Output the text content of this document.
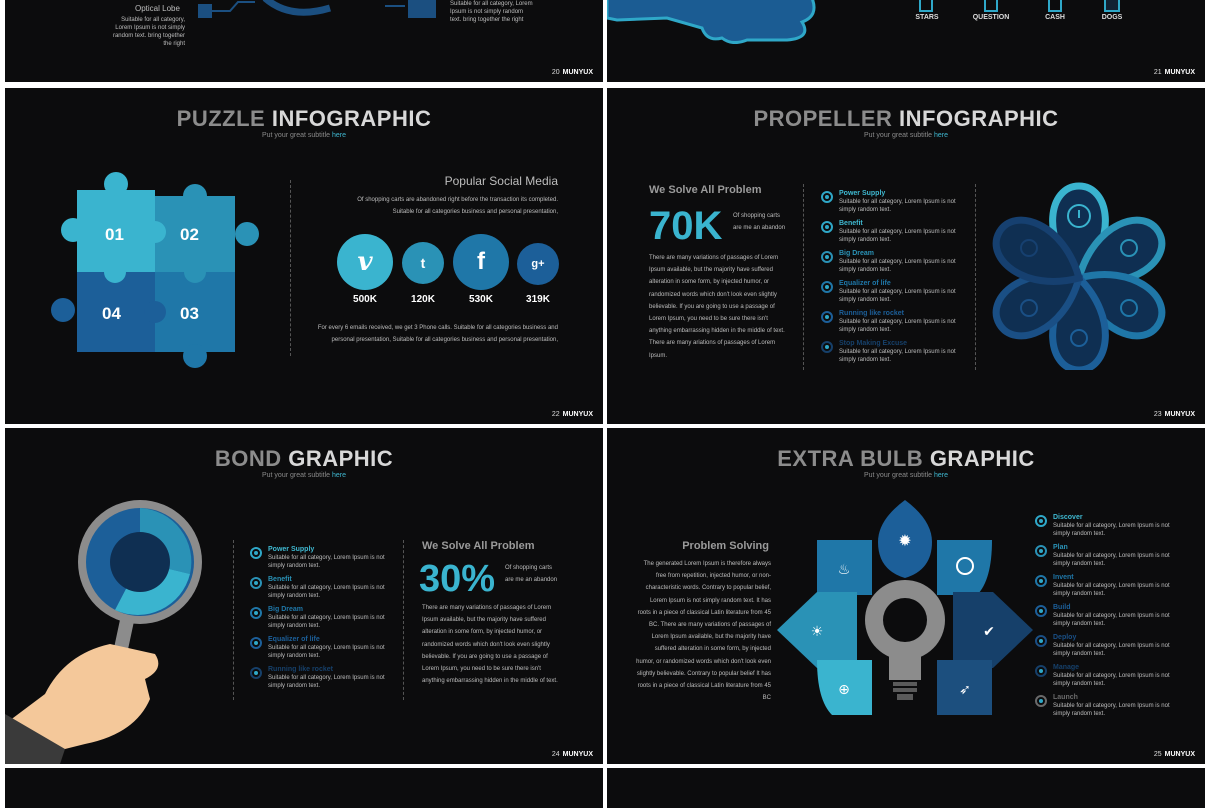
Optical Lobe
Suitable for all category, Lorem Ipsum is not simply random text. bring together the right
Suitable for all category, Lorem Ipsum is not simply random text. bring together the right
20 MUNYUX
STARS	QUESTION	CASH	DOGS
21 MUNYUX
PUZZLE INFOGRAPHIC
Put your great subtitle here
01	02
04	03
Popular Social Media
Of shopping carts are abandoned right before the transaction its completed. Suitable for all categories business and personal presentation,
v	t	f	g+
500K	120K	530K	319K
For every 6 emails received, we get 3 Phone calls. Suitable for all categories business and personal presentation, Suitable for all categories business and personal presentation,
22 MUNYUX
PROPELLER INFOGRAPHIC
Put your great subtitle here
We Solve All Problem
70K Of shopping carts are me an abandon
There are many variations of passages of Lorem Ipsum available, but the majority have suffered alteration in some form, by injected humor, or randomized words which don't look even slightly believable. If you are going to use a passage of Lorem Ipsum, you need to be sure there isn't anything embarrassing hidden in the middle of text. There are many ariations of passages of Lorem Ipsum.
Power Supply
Suitable for all category, Lorem Ipsum is not simply random text.
Benefit
Suitable for all category, Lorem Ipsum is not simply random text.
Big Dream
Suitable for all category, Lorem Ipsum is not simply random text.
Equalizer of life
Suitable for all category, Lorem Ipsum is not simply random text.
Running like rocket
Suitable for all category, Lorem Ipsum is not simply random text.
Stop Making Excuse
Suitable for all category, Lorem Ipsum is not simply random text.
23 MUNYUX
BOND GRAPHIC
Put your great subtitle here
Power Supply
Suitable for all category, Lorem Ipsum is not simply random text.
Benefit
Suitable for all category, Lorem Ipsum is not simply random text.
Big Dream
Suitable for all category, Lorem Ipsum is not simply random text.
Equalizer of life
Suitable for all category, Lorem Ipsum is not simply random text.
Running like rocket
Suitable for all category, Lorem Ipsum is not simply random text.
We Solve All Problem
30% Of shopping carts are me an abandon
There are many variations of passages of Lorem Ipsum available, but the majority have suffered alteration in some form, by injected humor, or randomized words which don't look even slightly believable. If you are going to use a passage of Lorem Ipsum, you need to be sure there isn't anything embarrassing hidden in the middle of text.
24 MUNYUX
EXTRA BULB GRAPHIC
Put your great subtitle here
Problem Solving
The generated Lorem Ipsum is therefore always free from repetition, injected humor, or non-characteristic words. Contrary to popular belief, Lorem Ipsum is not simply random text. It has roots in a piece of classical Latin literature from 45 BC. There are many variations of passages of Lorem Ipsum available, but the majority have suffered alteration in some form, by injected humor, or randomized words which don't look even slightly believable. Contrary to popular belief It has roots in a piece of classical Latin literature from 45 BC
✹
♨
☀	✔
⊕	➶
Discover
Suitable for all category, Lorem Ipsum is not simply random text.
Plan
Suitable for all category, Lorem Ipsum is not simply random text.
Invent
Suitable for all category, Lorem Ipsum is not simply random text.
Build
Suitable for all category, Lorem Ipsum is not simply random text.
Deploy
Suitable for all category, Lorem Ipsum is not simply random text.
Manage
Suitable for all category, Lorem Ipsum is not simply random text.
Launch
Suitable for all category, Lorem Ipsum is not simply random text.
25 MUNYUX
